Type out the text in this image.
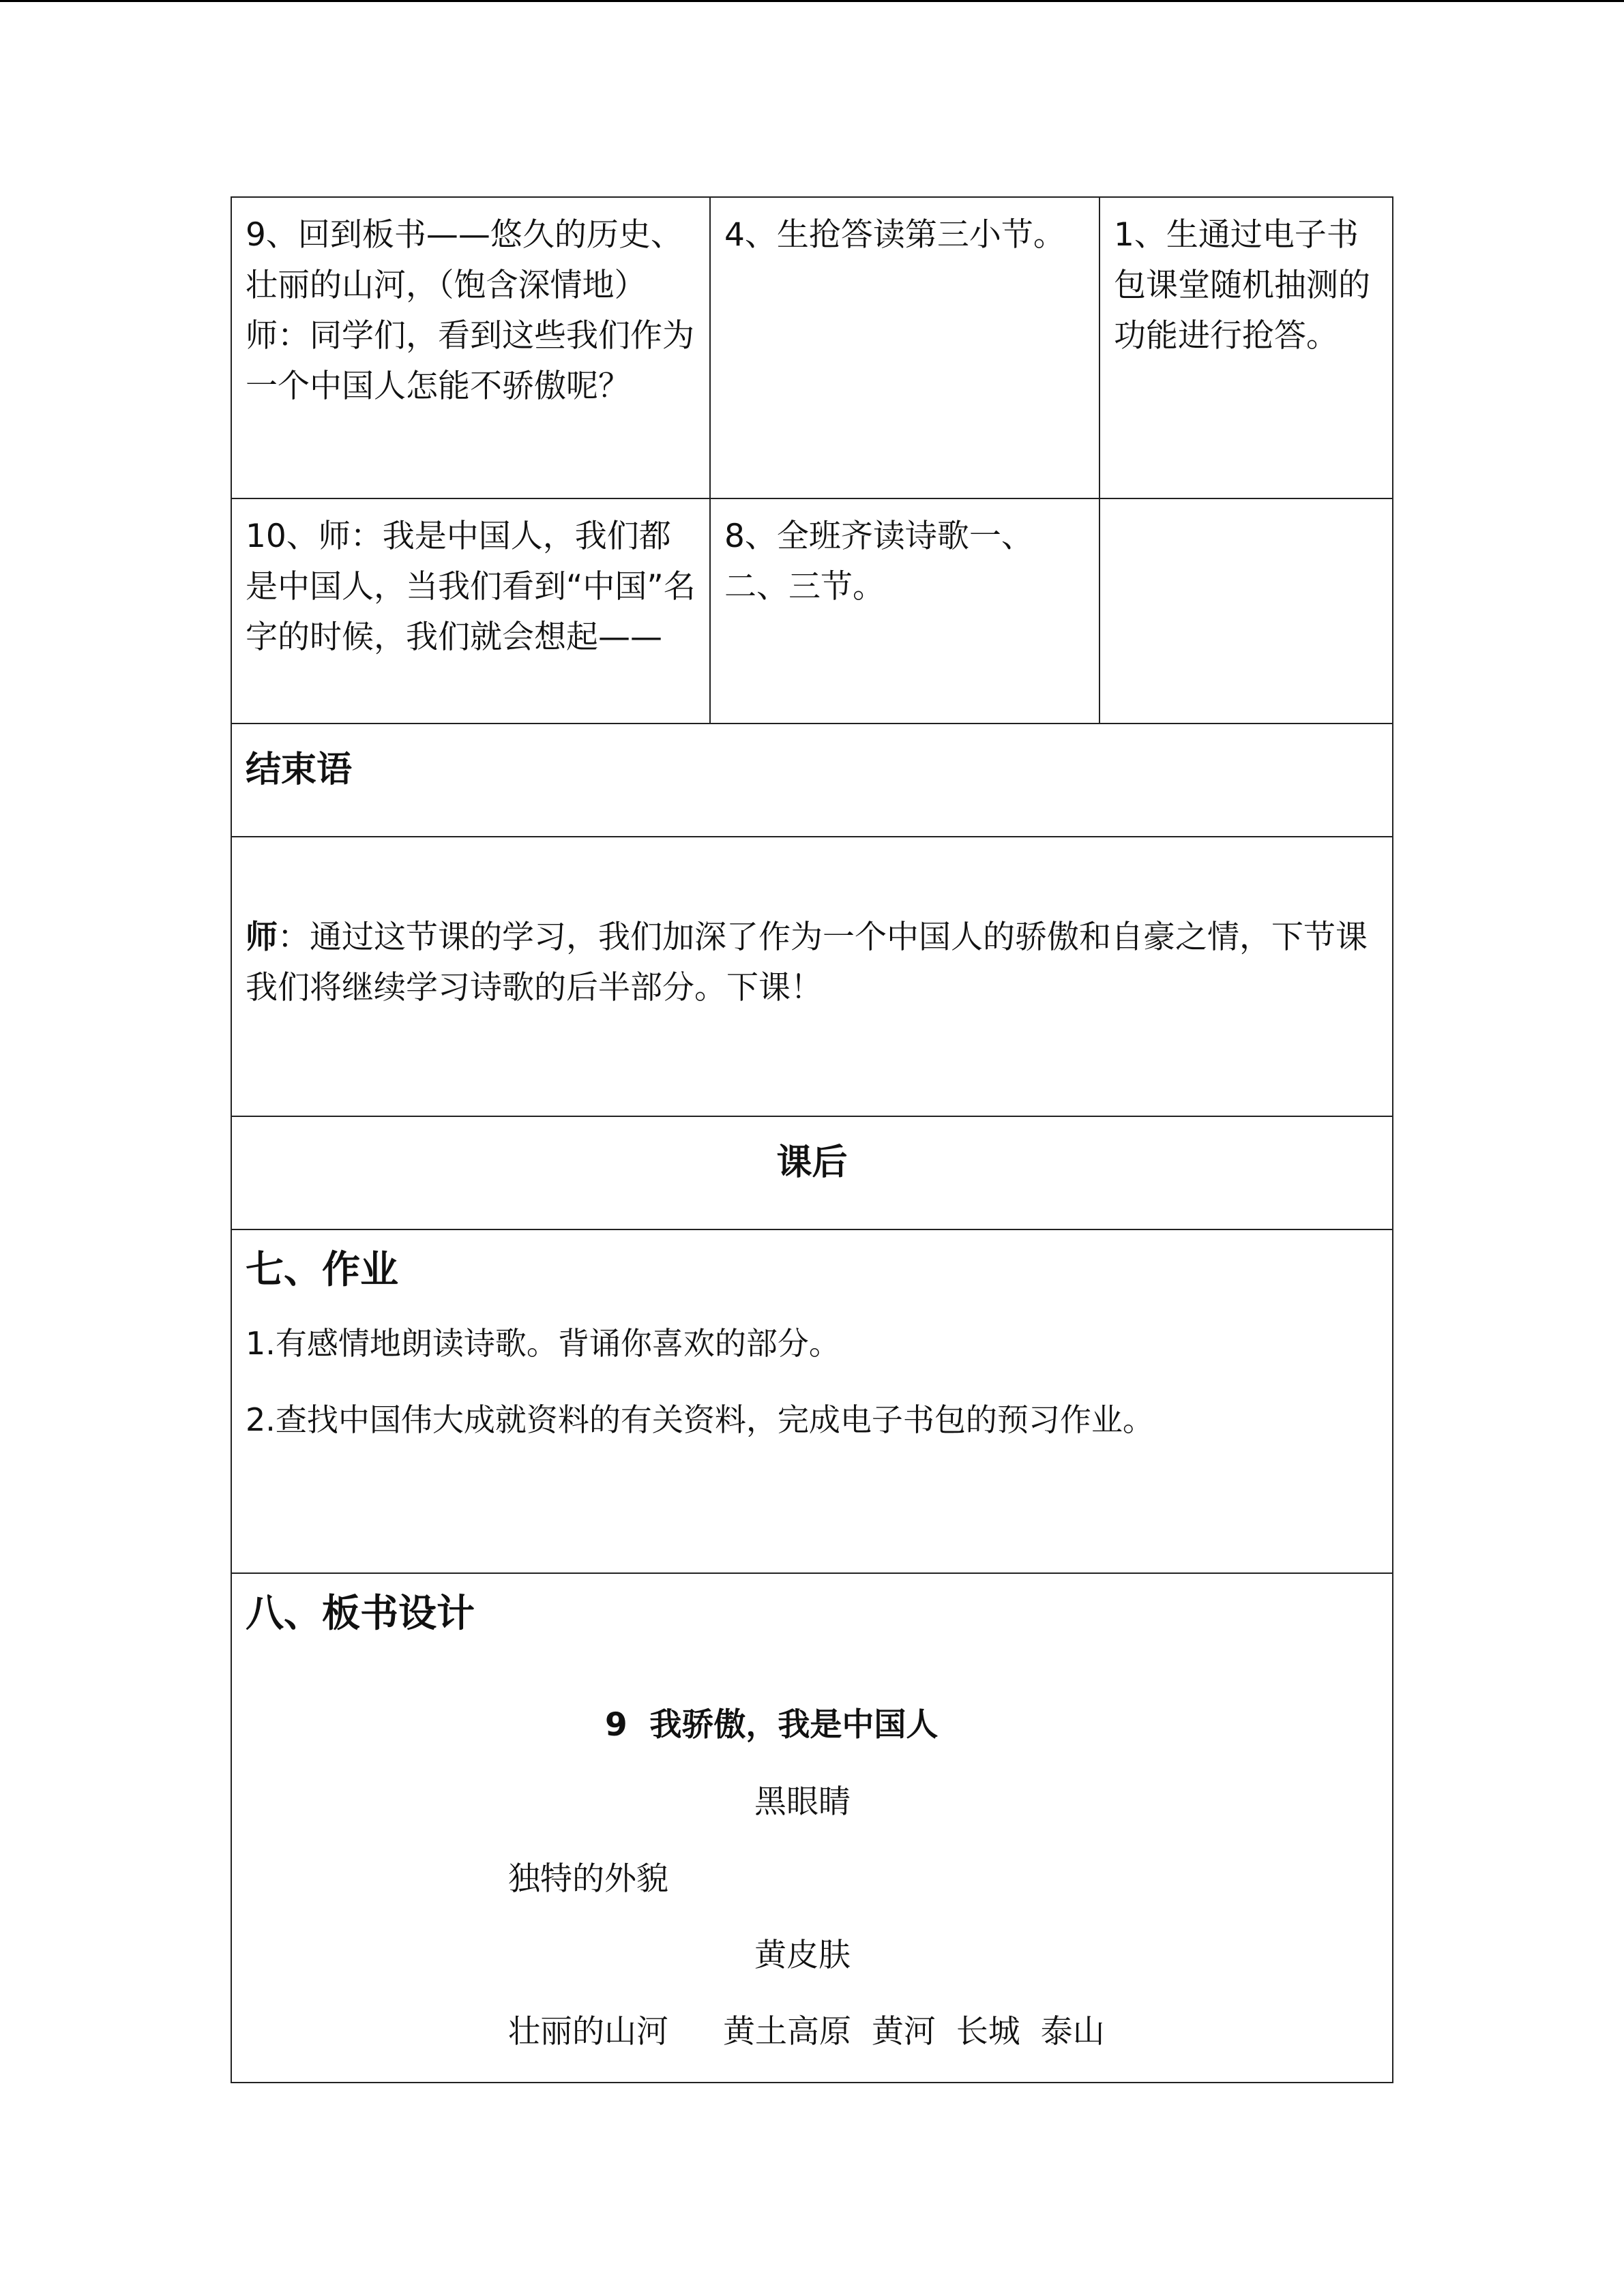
9、回到板书——悠久的历史、壮丽的山河，（饱含深情地）师：同学们，看到这些我们作为一个中国人怎能不骄傲呢？
4、生抢答读第三小节。	1、生通过电子书包课堂随机抽测的功能进行抢答。
10、师：我是中国人，我们都是中国人，当我们看到“中国”名字的时候，我们就会想起——
8、全班齐读诗歌一、二、三节。
结束语
师：通过这节课的学习，我们加深了作为一个中国人的骄傲和自豪之情，下节课我们将继续学习诗歌的后半部分。下课！
课后
七、作业
1.有感情地朗读诗歌。背诵你喜欢的部分。
2.查找中国伟大成就资料的有关资料，完成电子书包的预习作业。
八、板书设计
9  我骄傲，我是中国人
黑眼睛
独特的外貌
黄皮肤
壮丽的山河 黄土高原  黄河  长城  泰山
